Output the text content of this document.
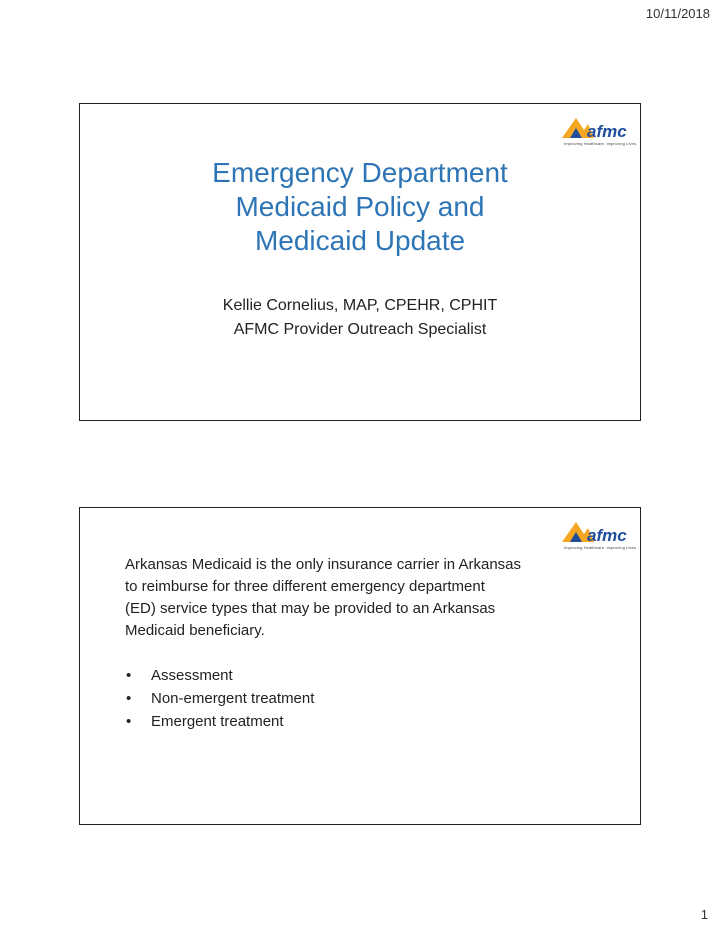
10/11/2018
afmc
Improving Healthcare. Improving Lives.
Emergency Department
Medicaid Policy and
Medicaid Update
Kellie Cornelius, MAP, CPEHR, CPHIT
AFMC Provider Outreach Specialist
afmc
Improving Healthcare. Improving Lives.
Arkansas Medicaid is the only insurance carrier in Arkansas
to reimburse for three different emergency department
(ED) service types that may be provided to an Arkansas
Medicaid beneficiary.
• Assessment
• Non-emergent treatment
• Emergent treatment
1
